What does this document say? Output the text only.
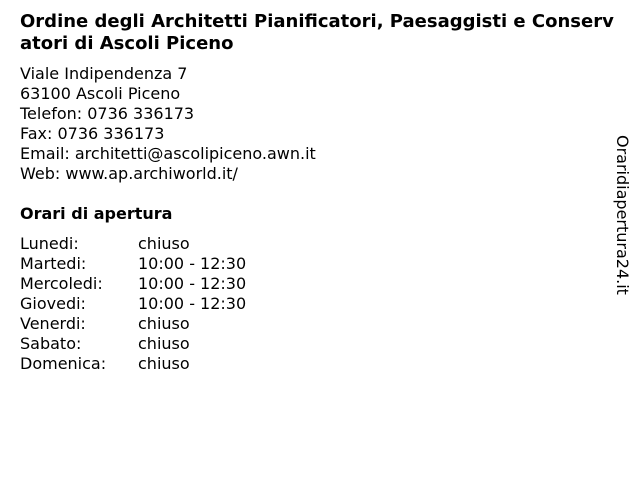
Ordine degli Architetti Pianificatori, Paesaggisti e Conservatori di Ascoli Piceno
Viale Indipendenza 7
63100 Ascoli Piceno
Telefon: 0736 336173
Fax: 0736 336173
Email: architetti@ascolipiceno.awn.it
Web: www.ap.archiworld.it/
Orari di apertura
Lunedi:	chiuso
Martedi:	10:00 - 12:30
Mercoledi: 10:00 - 12:30
Giovedi:	10:00 - 12:30
Venerdi:	chiuso
Sabato:	chiuso
Domenica: chiuso
Oraridiapertura24.it
